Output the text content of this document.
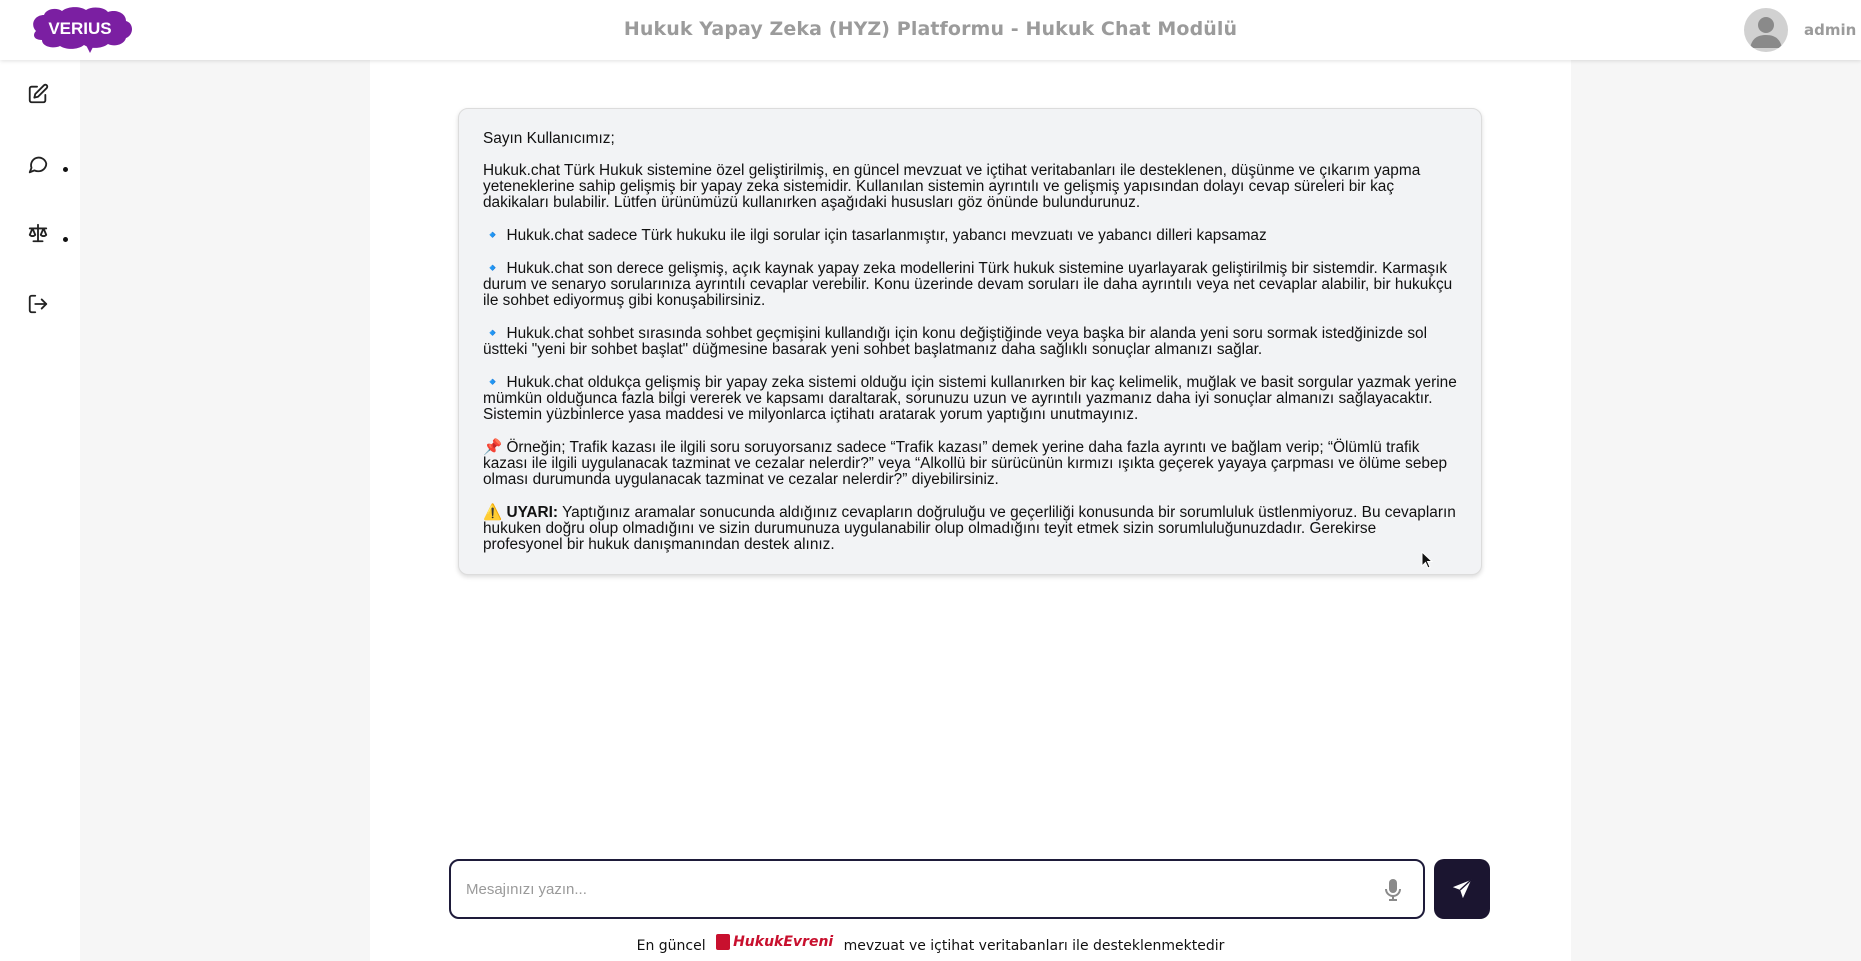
VERIUS	Hukuk Yapay Zeka (HYZ) Platformu - Hukuk Chat Modülü	admin

Sayın Kullanıcımız;

Hukuk.chat Türk Hukuk sistemine özel geliştirilmiş, en güncel mevzuat ve içtihat veritabanları ile desteklenen, düşünme ve çıkarım yapma yeteneklerine sahip gelişmiş bir yapay zeka sistemidir. Kullanılan sistemin ayrıntılı ve gelişmiş yapısından dolayı cevap süreleri bir kaç dakikaları bulabilir. Lütfen ürünümüzü kullanırken aşağıdaki hususları göz önünde bulundurunuz.

🔹 Hukuk.chat sadece Türk hukuku ile ilgi sorular için tasarlanmıştır, yabancı mevzuatı ve yabancı dilleri kapsamaz

🔹 Hukuk.chat son derece gelişmiş, açık kaynak yapay zeka modellerini Türk hukuk sistemine uyarlayarak geliştirilmiş bir sistemdir. Karmaşık durum ve senaryo sorularınıza ayrıntılı cevaplar verebilir. Konu üzerinde devam soruları ile daha ayrıntılı veya net cevaplar alabilir, bir hukukçu ile sohbet ediyormuş gibi konuşabilirsiniz.

🔹 Hukuk.chat sohbet sırasında sohbet geçmişini kullandığı için konu değiştiğinde veya başka bir alanda yeni soru sormak istedğinizde sol üstteki "yeni bir sohbet başlat" düğmesine basarak yeni sohbet başlatmanız daha sağlıklı sonuçlar almanızı sağlar.

🔹 Hukuk.chat oldukça gelişmiş bir yapay zeka sistemi olduğu için sistemi kullanırken bir kaç kelimelik, muğlak ve basit sorgular yazmak yerine mümkün olduğunca fazla bilgi vererek ve kapsamı daraltarak, sorunuzu uzun ve ayrıntılı yazmanız daha iyi sonuçlar almanızı sağlayacaktır. Sistemin yüzbinlerce yasa maddesi ve milyonlarca içtihatı aratarak yorum yaptığını unutmayınız.

📌 Örneğin; Trafik kazası ile ilgili soru soruyorsanız sadece “Trafik kazası” demek yerine daha fazla ayrıntı ve bağlam verip; “Ölümlü trafik kazası ile ilgili uygulanacak tazminat ve cezalar nelerdir?” veya “Alkollü bir sürücünün kırmızı ışıkta geçerek yayaya çarpması ve ölüme sebep olması durumunda uygulanacak tazminat ve cezalar nelerdir?” diyebilirsiniz.

⚠️ UYARI: Yaptığınız aramalar sonucunda aldığınız cevapların doğruluğu ve geçerliliği konusunda bir sorumluluk üstlenmiyoruz. Bu cevapların hukuken doğru olup olmadığını ve sizin durumunuza uygulanabilir olup olmadığını teyit etmek sizin sorumluluğunuzdadır. Gerekirse profesyonel bir hukuk danışmanından destek alınız.

Mesajınızı yazın...
En güncel Hukuk Evreni mevzuat ve içtihat veritabanları ile desteklenmektedir
